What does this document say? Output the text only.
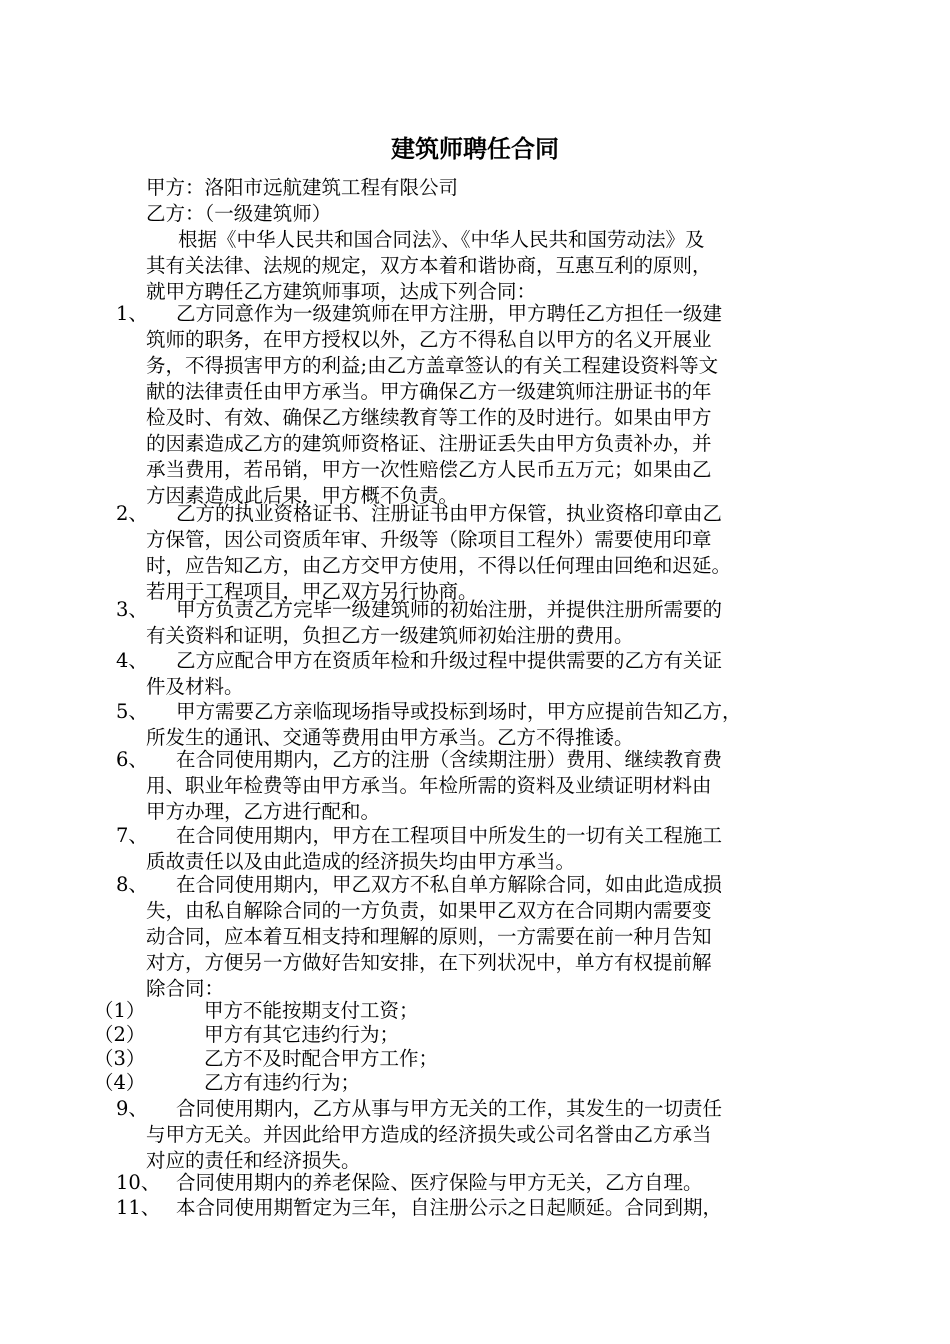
建筑师聘任合同
甲方：洛阳市远航建筑工程有限公司
乙方：（一级建筑师）
根据《中华人民共和国合同法》、《中华人民共和国劳动法》及
其有关法律、法规的规定，双方本着和谐协商，互惠互利的原则，
就甲方聘任乙方建筑师事项，达成下列合同：
1、 乙方同意作为一级建筑师在甲方注册，甲方聘任乙方担任一级建
筑师的职务，在甲方授权以外，乙方不得私自以甲方的名义开展业
务，不得损害甲方的利益;由乙方盖章签认的有关工程建设资料等文
献的法律责任由甲方承当。甲方确保乙方一级建筑师注册证书的年
检及时、有效、确保乙方继续教育等工作的及时进行。如果由甲方
的因素造成乙方的建筑师资格证、注册证丢失由甲方负责补办，并
承当费用，若吊销，甲方一次性赔偿乙方人民币五万元；如果由乙
方因素造成此后果，甲方概不负责。
2、 乙方的执业资格证书、注册证书由甲方保管，执业资格印章由乙
方保管，因公司资质年审、升级等（除项目工程外）需要使用印章
时，应告知乙方，由乙方交甲方使用，不得以任何理由回绝和迟延。
若用于工程项目，甲乙双方另行协商。
3、 甲方负责乙方完毕一级建筑师的初始注册，并提供注册所需要的
有关资料和证明，负担乙方一级建筑师初始注册的费用。
4、 乙方应配合甲方在资质年检和升级过程中提供需要的乙方有关证
件及材料。
5、 甲方需要乙方亲临现场指导或投标到场时，甲方应提前告知乙方，
所发生的通讯、交通等费用由甲方承当。乙方不得推诿。
6、 在合同使用期内，乙方的注册（含续期注册）费用、继续教育费
用、职业年检费等由甲方承当。年检所需的资料及业绩证明材料由
甲方办理，乙方进行配和。
7、 在合同使用期内，甲方在工程项目中所发生的一切有关工程施工
质故责任以及由此造成的经济损失均由甲方承当。
8、 在合同使用期内，甲乙双方不私自单方解除合同，如由此造成损
失，由私自解除合同的一方负责，如果甲乙双方在合同期内需要变
动合同，应本着互相支持和理解的原则，一方需要在前一种月告知
对方，方便另一方做好告知安排，在下列状况中，单方有权提前解
除合同：
（1）	甲方不能按期支付工资；
（2）	甲方有其它违约行为；
（3）	乙方不及时配合甲方工作；
（4）	乙方有违约行为；
9、 合同使用期内，乙方从事与甲方无关的工作，其发生的一切责任
与甲方无关。并因此给甲方造成的经济损失或公司名誉由乙方承当
对应的责任和经济损失。
10、 合同使用期内的养老保险、医疗保险与甲方无关，乙方自理。
11、 本合同使用期暂定为三年，自注册公示之日起顺延。合同到期，
